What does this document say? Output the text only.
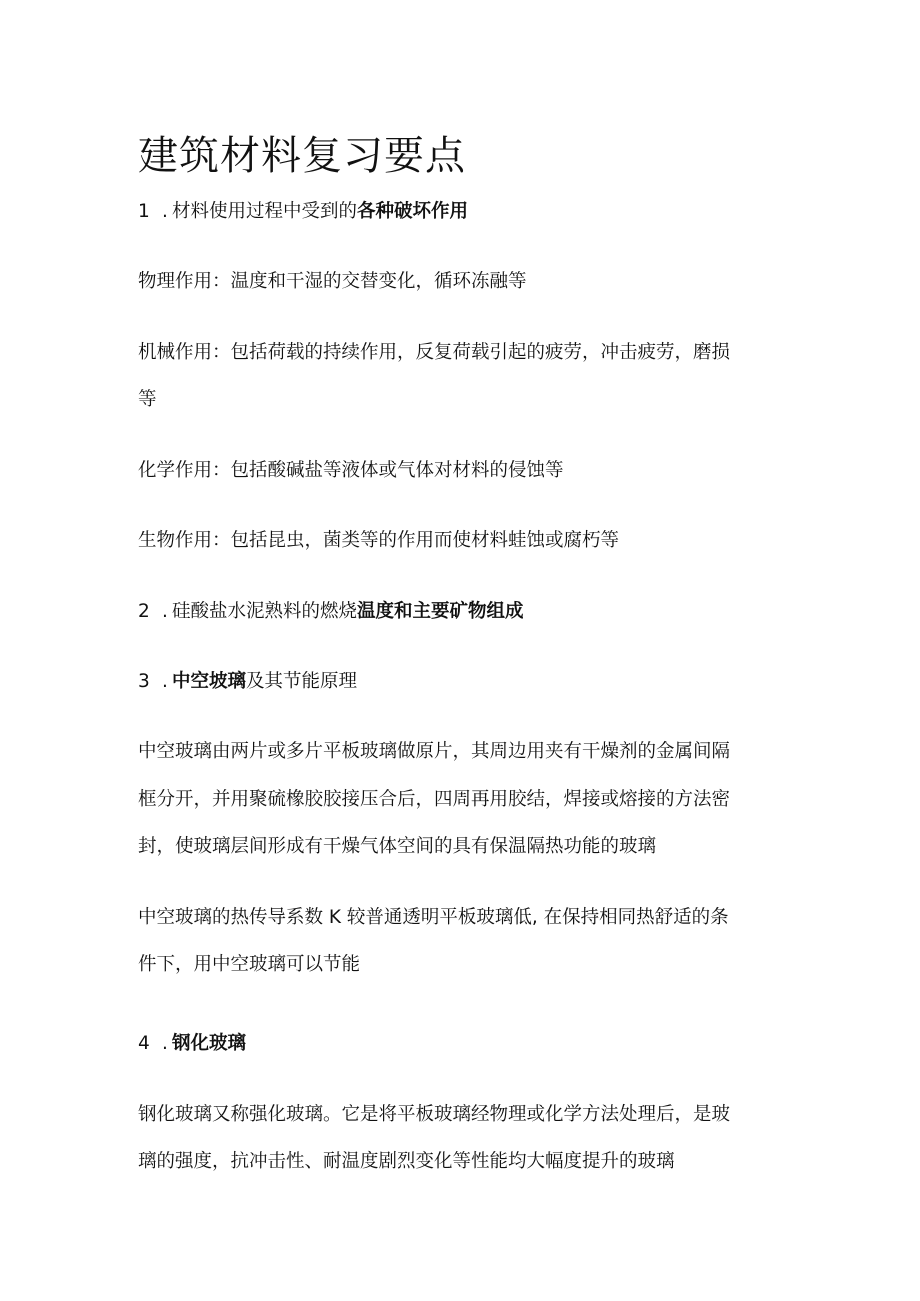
建筑材料复习要点
1 . 材料使用过程中受到的各种破坏作用
物理作用：温度和干湿的交替变化，循环冻融等
机械作用：包括荷载的持续作用，反复荷载引起的疲劳，冲击疲劳，磨损
等
化学作用：包括酸碱盐等液体或气体对材料的侵蚀等
生物作用：包括昆虫，菌类等的作用而使材料蛙蚀或腐朽等
2 . 硅酸盐水泥熟料的燃烧温度和主要矿物组成
3 . 中空坡璃及其节能原理
中空玻璃由两片或多片平板玻璃做原片，其周边用夹有干燥剂的金属间隔
框分开，并用聚硫橡胶胶接压合后，四周再用胶结，焊接或熔接的方法密
封，使玻璃层间形成有干燥气体空间的具有保温隔热功能的玻璃
中空玻璃的热传导系数 K 较普通透明平板玻璃低, 在保持相同热舒适的条
件下，用中空玻璃可以节能
4 . 钢化玻璃
钢化玻璃又称强化玻璃。它是将平板玻璃经物理或化学方法处理后，是玻
璃的强度，抗冲击性、耐温度剧烈变化等性能均大幅度提升的玻璃
